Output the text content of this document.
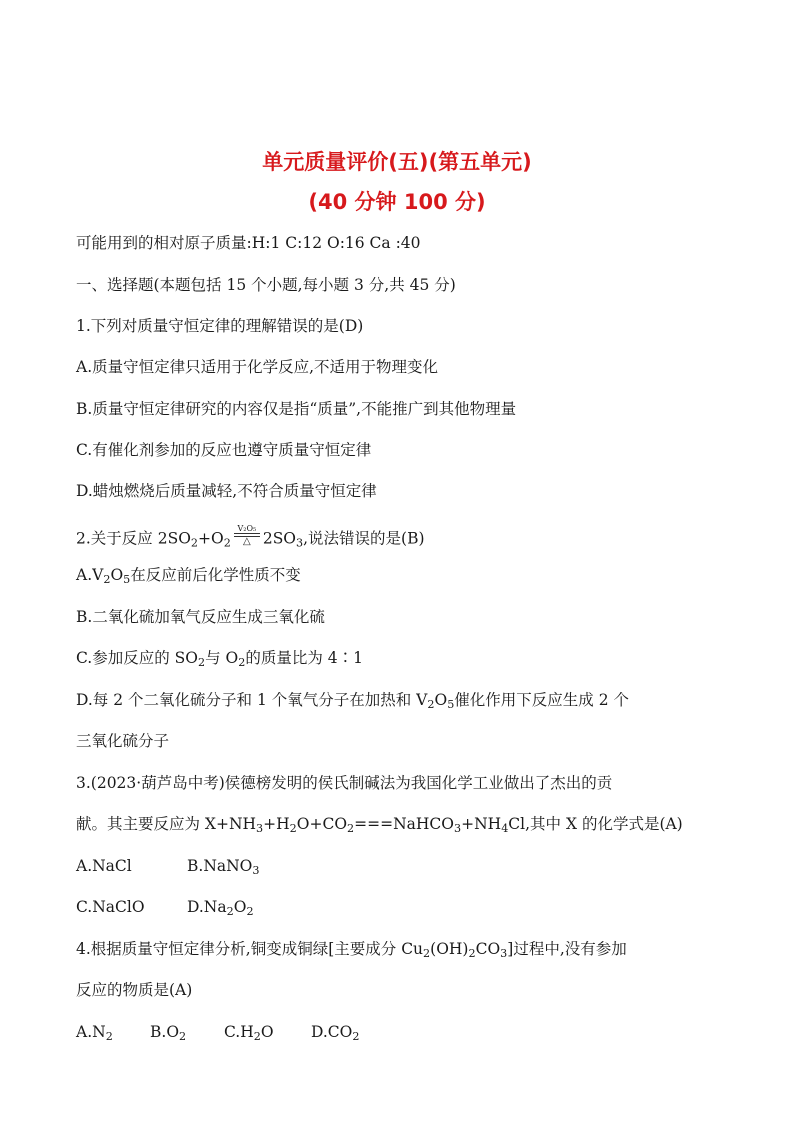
单元质量评价(五)(第五单元)
(40 分钟 100 分)
可能用到的相对原子质量:H:1 C:12 O:16 Ca :40
一、选择题(本题包括 15 个小题,每小题 3 分,共 45 分)
1.下列对质量守恒定律的理解错误的是(D)
A.质量守恒定律只适用于化学反应,不适用于物理变化
B.质量守恒定律研究的内容仅是指“质量”,不能推广到其他物理量
C.有催化剂参加的反应也遵守质量守恒定律
D.蜡烛燃烧后质量减轻,不符合质量守恒定律
2.关于反应 $2SO_2+O_2$
V₂O₅
△ $2SO_3$,说法错误的是(B)
$A.V_2O_5$在反应前后化学性质不变
B.二氧化硫加氧气反应生成三氧化硫
C.参加反应的 $SO_2$与 $O_2$的质量比为 4∶1
D.每 2 个二氧化硫分子和 1 个氧气分子在加热和 $V_2O_5$催化作用下反应生成 2 个
三氧化硫分子
3.(2023·葫芦岛中考)侯德榜发明的侯氏制碱法为我国化学工业做出了杰出的贡
献。其主要反应为 $X+NH_3+H_2O+CO_2===NaHCO_3+NH_4Cl$,其中 X 的化学式是(A)
A.NaCl	B.NaNO$_3$
C.NaClO	$D.Na_2O_2$
4.根据质量守恒定律分析,铜变成铜绿[主要成分 $Cu_2(OH)_2CO_3$]过程中,没有参加
反应的物质是(A)
$A.N_2$ $B.O_2$ $C.H_2O$ $D.CO_2$
